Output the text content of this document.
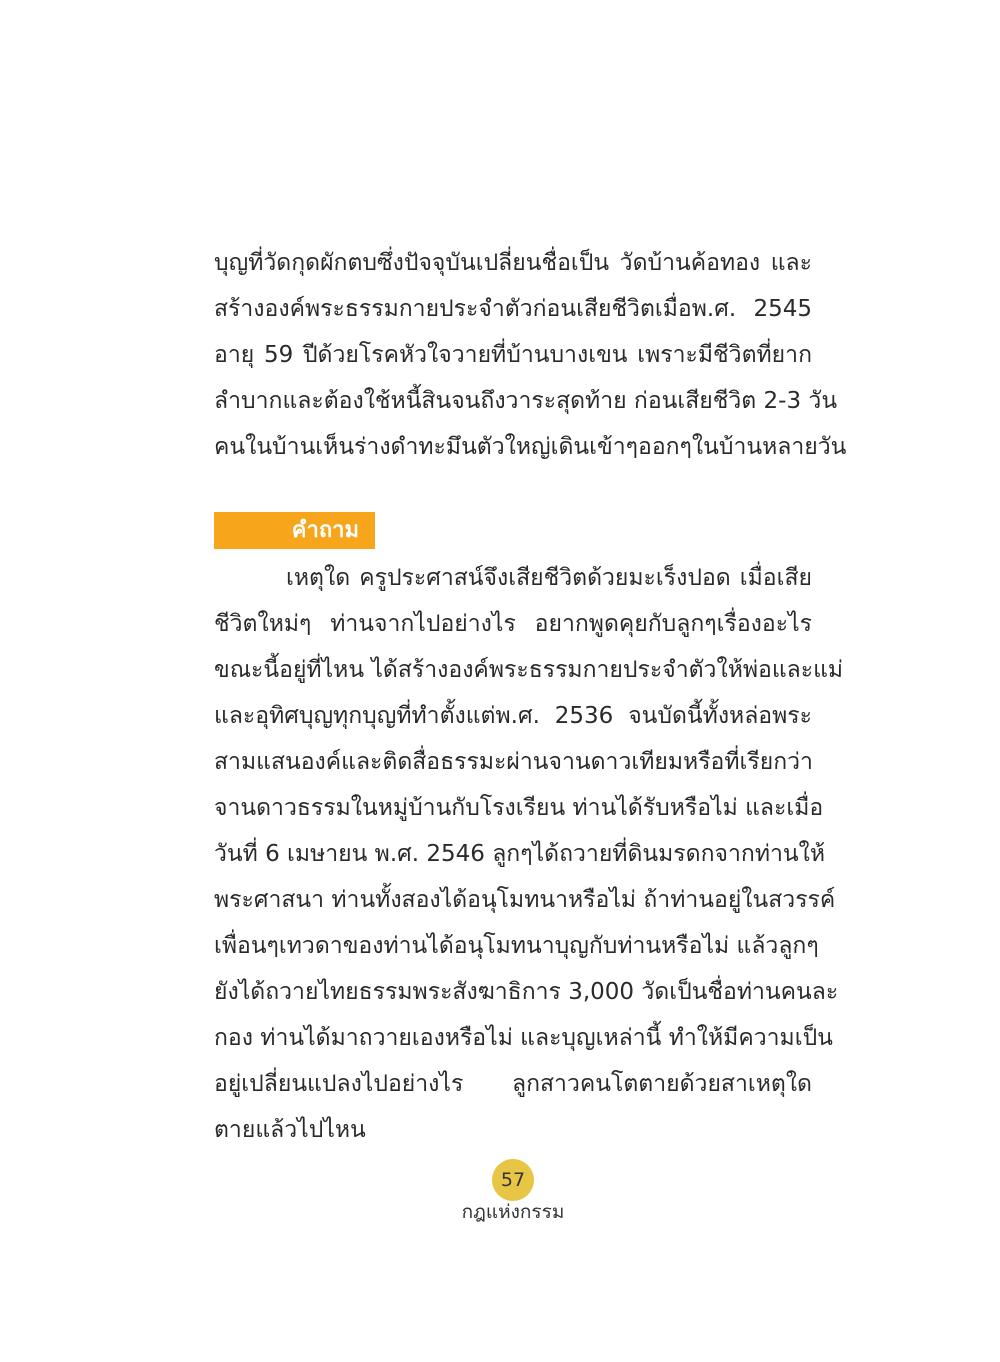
บุญที่วัดกุดผักตบซึ่งปัจจุบันเปลี่ยนชื่อเป็น วัดบ้านค้อทอง และ
สร้างองค์พระธรรมกายประจำตัวก่อนเสียชีวิตเมื่อพ.ศ. 2545
อายุ 59 ปีด้วยโรคหัวใจวายที่บ้านบางเขน เพราะมีชีวิตที่ยาก
ลำบากและต้องใช้หนี้สินจนถึงวาระสุดท้าย ก่อนเสียชีวิต 2-3 วัน
คนในบ้านเห็นร่างดำทะมึนตัวใหญ่เดินเข้าๆออกๆในบ้านหลายวัน
คำถาม
เหตุใด ครูประศาสน์จึงเสียชีวิตด้วยมะเร็งปอด เมื่อเสีย
ชีวิตใหม่ๆ ท่านจากไปอย่างไร อยากพูดคุยกับลูกๆเรื่องอะไร
ขณะนี้อยู่ที่ไหน ได้สร้างองค์พระธรรมกายประจำตัวให้พ่อและแม่
และอุทิศบุญทุกบุญที่ทำตั้งแต่พ.ศ. 2536 จนบัดนี้ทั้งหล่อพระ
สามแสนองค์และติดสื่อธรรมะผ่านจานดาวเทียมหรือที่เรียกว่า
จานดาวธรรมในหมู่บ้านกับโรงเรียน ท่านได้รับหรือไม่ และเมื่อ
วันที่ 6 เมษายน พ.ศ. 2546 ลูกๆได้ถวายที่ดินมรดกจากท่านให้
พระศาสนา ท่านทั้งสองได้อนุโมทนาหรือไม่ ถ้าท่านอยู่ในสวรรค์
เพื่อนๆเทวดาของท่านได้อนุโมทนาบุญกับท่านหรือไม่ แล้วลูกๆ
ยังได้ถวายไทยธรรมพระสังฆาธิการ 3,000 วัดเป็นชื่อท่านคนละ
กอง ท่านได้มาถวายเองหรือไม่ และบุญเหล่านี้ ทำให้มีความเป็น
อยู่เปลี่ยนแปลงไปอย่างไร ลูกสาวคนโตตายด้วยสาเหตุใด
ตายแล้วไปไหน
57
กฎแห่งกรรม
